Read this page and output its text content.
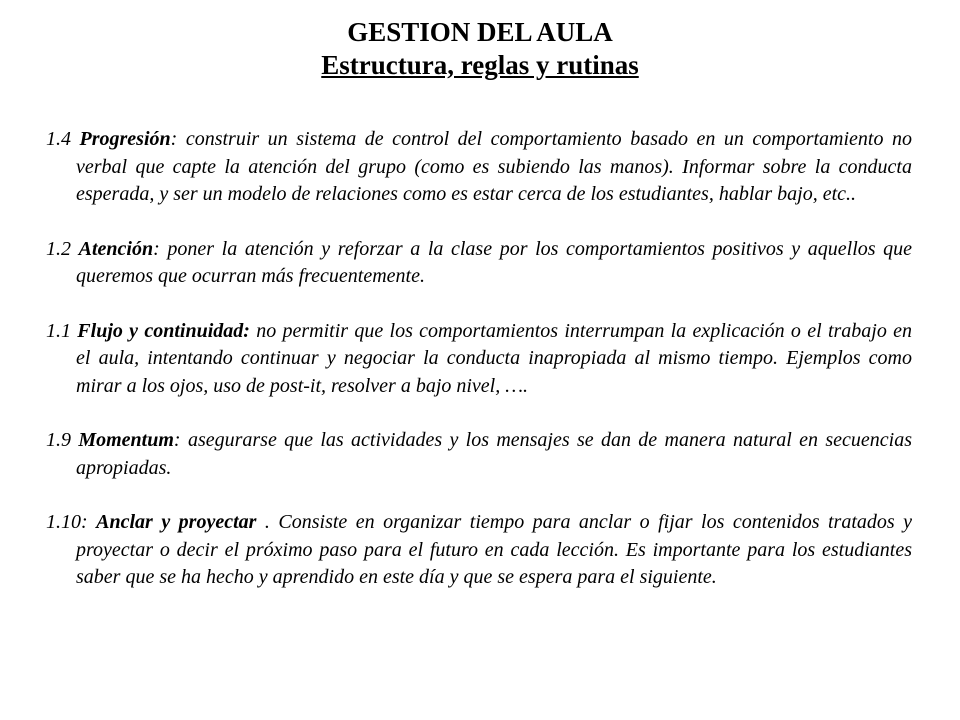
GESTION DEL AULA
Estructura, reglas y rutinas

1.4 Progresión: construir un sistema de control del comportamiento basado en un comportamiento no verbal que capte la atención del grupo (como es subiendo las manos). Informar sobre la conducta esperada, y ser un modelo de relaciones como es estar cerca de los estudiantes, hablar bajo, etc..

1.2 Atención: poner la atención y reforzar a la clase por los comportamientos positivos y aquellos que queremos que ocurran más frecuentemente.

1.1 Flujo y continuidad: no permitir que los comportamientos interrumpan la explicación o el trabajo en el aula, intentando continuar y negociar la conducta inapropiada al mismo tiempo. Ejemplos como mirar a los ojos, uso de post-it, resolver a bajo nivel, ….

1.9 Momentum: asegurarse que las actividades y los mensajes se dan de manera natural en secuencias apropiadas.

1.10: Anclar y proyectar . Consiste en organizar tiempo para anclar o fijar los contenidos tratados y proyectar o decir el próximo paso para el futuro en cada lección. Es importante para los estudiantes saber que se ha hecho y aprendido en este día y que se espera para el siguiente.
